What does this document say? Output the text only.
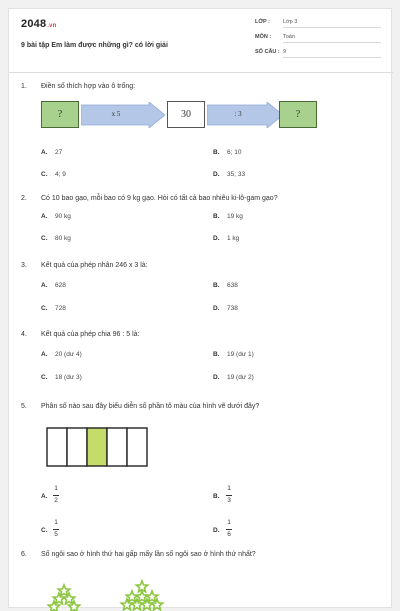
2048.vn
9 bài tập Em làm được những gì? có lời giải
LỚP : Lớp 3
MÔN : Toán
SỐ CÂU : 9
1. Điền số thích hợp vào ô trống:
?	x 5	30	: 3	?
A. 27	B. 6; 10
C. 4; 9	D. 35; 33
2. Có 10 bao gạo, mỗi bao có 9 kg gạo. Hỏi có tất cả bao nhiêu ki-lô-gam gạo?
A. 90 kg	B. 19 kg
C. 80 kg	D. 1 kg
3. Kết quả của phép nhân 246 x 3 là:
A. 628	B. 638
C. 728	D. 738
4. Kết quả của phép chia 96 : 5 là:
A. 20 (dư 4)	B. 19 (dư 1)
C. 18 (dư 3)	D. 19 (dư 2)
5. Phân số nào sau đây biểu diễn số phần tô màu của hình vẽ dưới đây?
A.
1
2	B.
1
3
C.
1
5	D.
1
6
6. Số ngôi sao ở hình thứ hai gấp mấy lần số ngôi sao ở hình thứ nhất?
